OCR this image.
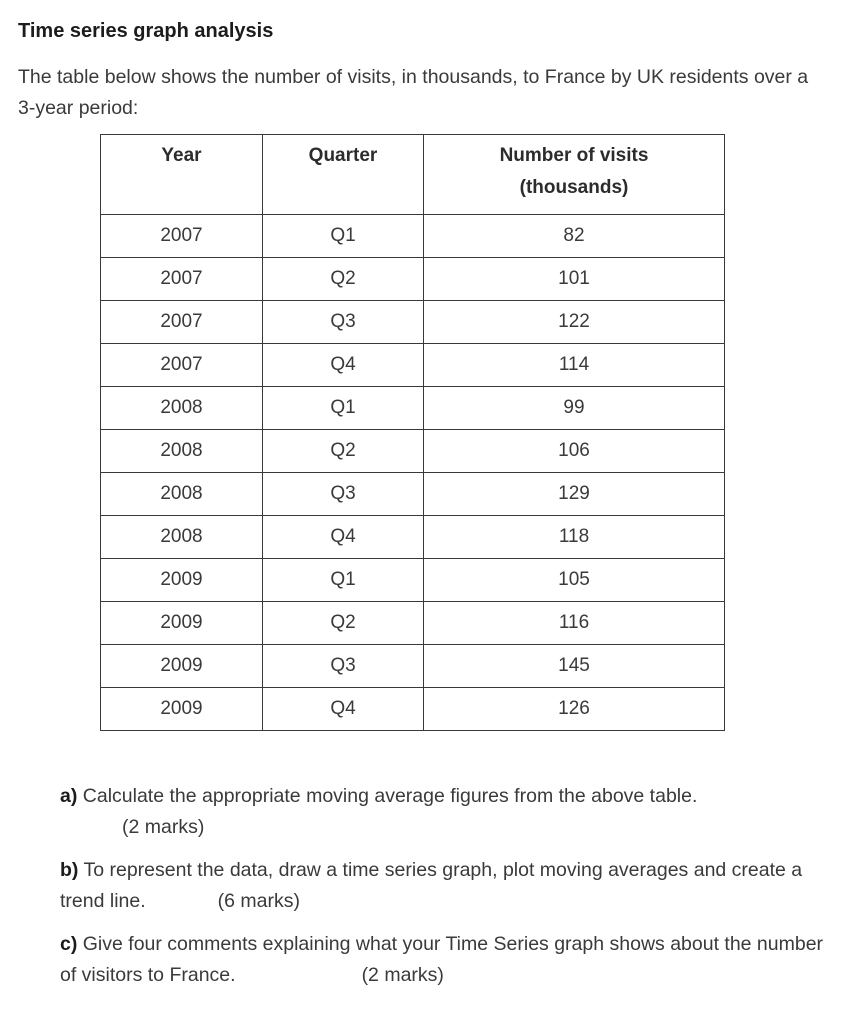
Time series graph analysis
The table below shows the number of visits, in thousands, to France by UK residents over a 3-year period:
Year	Quarter	Number of visits
(thousands)
2007	Q1	82
2007	Q2	101
2007	Q3	122
2007	Q4	114
2008	Q1	99
2008	Q2	106
2008	Q3	129
2008	Q4	118
2009	Q1	105
2009	Q2	116
2009	Q3	145
2009	Q4	126
a) Calculate the appropriate moving average figures from the above table.
(2 marks)
b) To represent the data, draw a time series graph, plot moving averages and create a trend line.	(6 marks)
c) Give four comments explaining what your Time Series graph shows about the number of visitors to France.	(2 marks)
